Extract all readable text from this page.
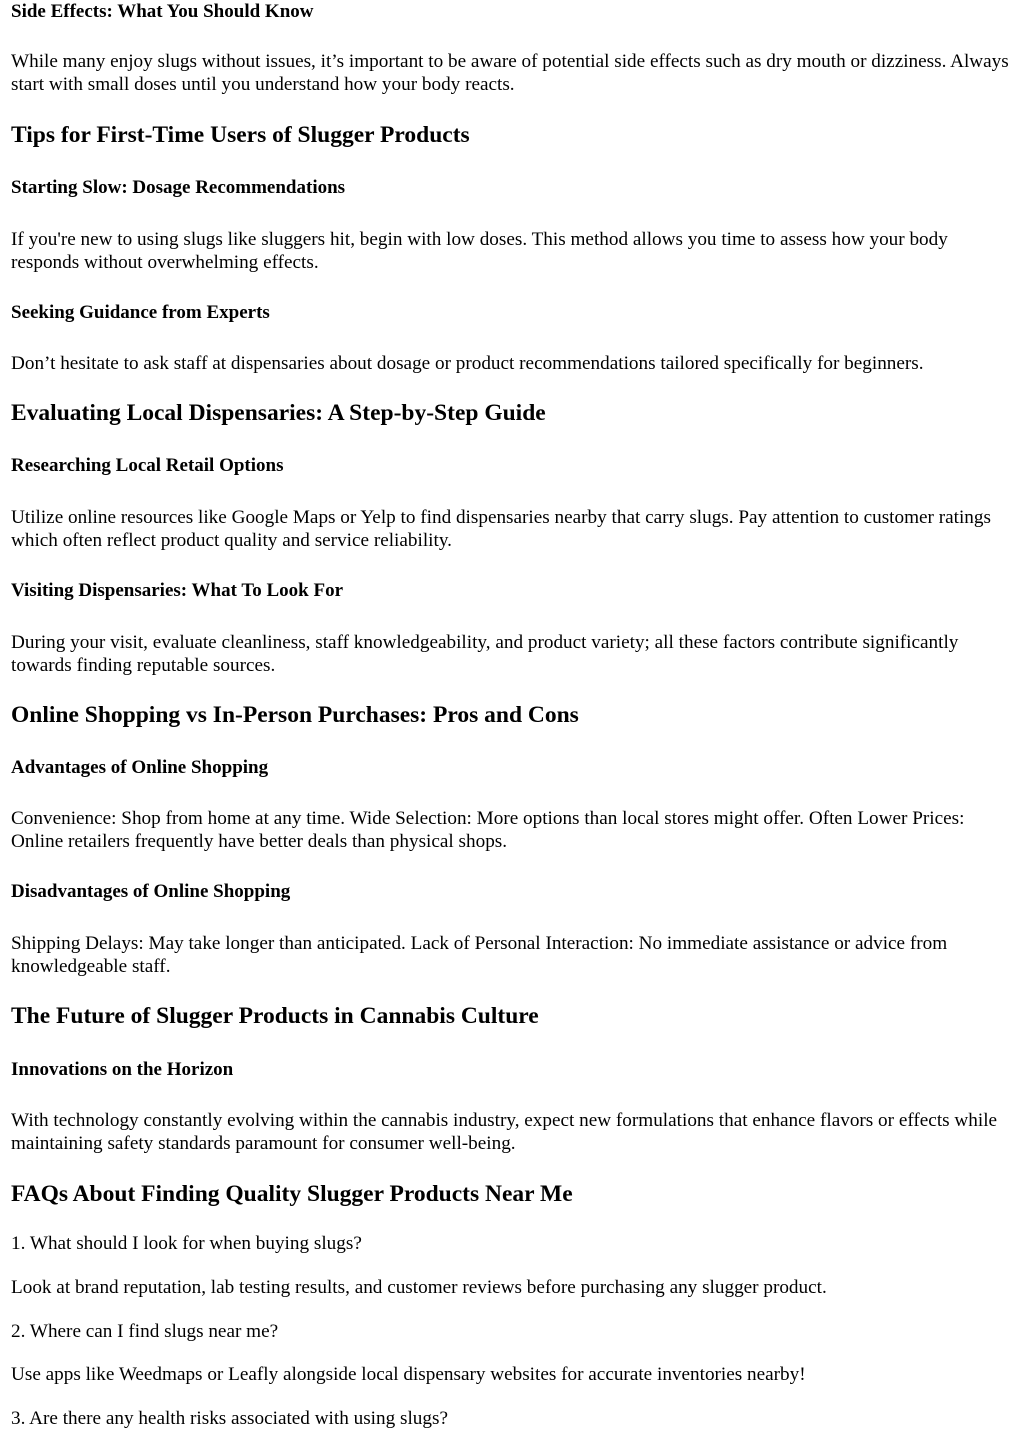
Side Effects: What You Should Know

While many enjoy slugs without issues, it’s important to be aware of potential side effects such as dry mouth or dizziness. Always start with small doses until you understand how your body reacts.

Tips for First-Time Users of Slugger Products
Starting Slow: Dosage Recommendations

If you're new to using slugs like sluggers hit, begin with low doses. This method allows you time to assess how your body responds without overwhelming effects.

Seeking Guidance from Experts

Don’t hesitate to ask staff at dispensaries about dosage or product recommendations tailored specifically for beginners.

Evaluating Local Dispensaries: A Step-by-Step Guide
Researching Local Retail Options

Utilize online resources like Google Maps or Yelp to find dispensaries nearby that carry slugs. Pay attention to customer ratings which often reflect product quality and service reliability.

Visiting Dispensaries: What To Look For

During your visit, evaluate cleanliness, staff knowledgeability, and product variety; all these factors contribute significantly towards finding reputable sources.

Online Shopping vs In-Person Purchases: Pros and Cons
Advantages of Online Shopping

Convenience: Shop from home at any time. Wide Selection: More options than local stores might offer. Often Lower Prices: Online retailers frequently have better deals than physical shops.

Disadvantages of Online Shopping

Shipping Delays: May take longer than anticipated. Lack of Personal Interaction: No immediate assistance or advice from knowledgeable staff.

The Future of Slugger Products in Cannabis Culture
Innovations on the Horizon

With technology constantly evolving within the cannabis industry, expect new formulations that enhance flavors or effects while maintaining safety standards paramount for consumer well-being.

FAQs About Finding Quality Slugger Products Near Me

1. What should I look for when buying slugs?

Look at brand reputation, lab testing results, and customer reviews before purchasing any slugger product.

2. Where can I find slugs near me?

Use apps like Weedmaps or Leafly alongside local dispensary websites for accurate inventories nearby!

3. Are there any health risks associated with using slugs?
